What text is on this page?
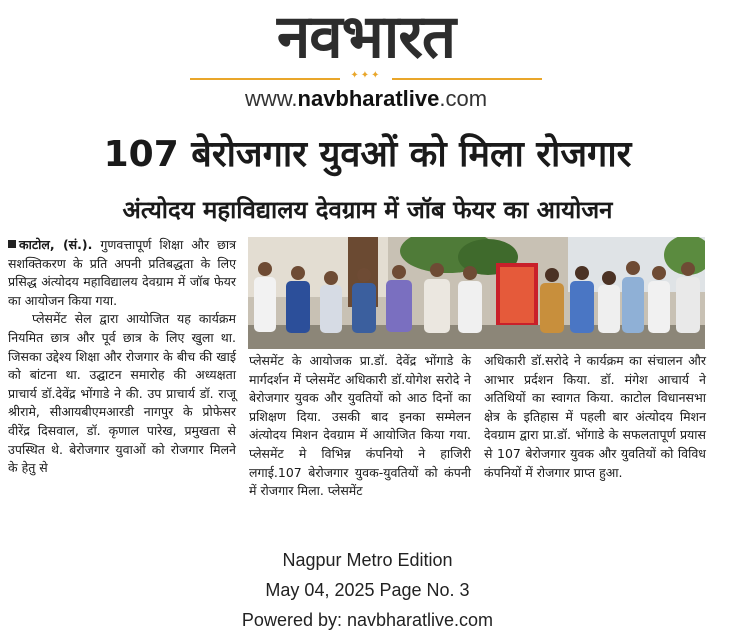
नवभारत
✦✦✦
www.navbharatlive.com
107 बेरोजगार युवओं को मिला रोजगार
अंत्योदय महाविद्यालय देवग्राम में जॉब फेयर का आयोजन

काटोल, (सं.). गुणवत्तापूर्ण शिक्षा और छात्र सशक्तिकरण के प्रति अपनी प्रतिबद्धता के लिए प्रसिद्ध अंत्योदय महाविद्यालय देवग्राम में जॉब फेयर का आयोजन किया गया.

प्लेसमेंट सेल द्वारा आयोजित यह कार्यक्रम नियमित छात्र और पूर्व छात्र के लिए खुला था. जिसका उद्देश्य शिक्षा और रोजगार के बीच की खाई को बांटना था. उद्घाटन समारोह की अध्यक्षता प्राचार्य डॉ.देवेंद्र भोंगाडे ने की. उप प्राचार्य डॉ. राजू श्रीरामे, सीआयबीएमआरडी नागपुर के प्रोफेसर वीरेंद्र दिसवाल, डॉ. कृणाल पारेख, प्रमुखता से उपस्थित थे. बेरोजगार युवाओं को रोजगार मिलने के हेतु से

प्लेसमेंट के आयोजक प्रा.डॉ. देवेंद्र भोंगाडे के मार्गदर्शन में प्लेसमेंट अधिकारी डॉ.योगेश सरोदे ने बेरोजगार युवक और युवतियों को आठ दिनों का प्रशिक्षण दिया. उसकी बाद इनका सम्मेलन अंत्योदय मिशन देवग्राम में आयोजित किया गया. प्लेसमेंट मे विभिन्न कंपनियो ने हाजिरी लगाई.107 बेरोजगार युवक-युवतियों को कंपनी में रोजगार मिला. प्लेसमेंट

अधिकारी डॉ.सरोदे ने कार्यक्रम का संचालन और आभार प्रर्दशन किया. डॉ. मंगेश आचार्य ने अतिथियों का स्वागत किया. काटोल विधानसभा क्षेत्र के इतिहास में पहली बार अंत्योदय मिशन देवग्राम द्वारा प्रा.डॉ. भोंगाडे के सफलतापूर्ण प्रयास से 107 बेरोजगार युवक और युवतियों को विविध कंपनियों में रोजगार प्राप्त हुआ.

Nagpur Metro Edition
May 04, 2025 Page No. 3
Powered by: navbharatlive.com
